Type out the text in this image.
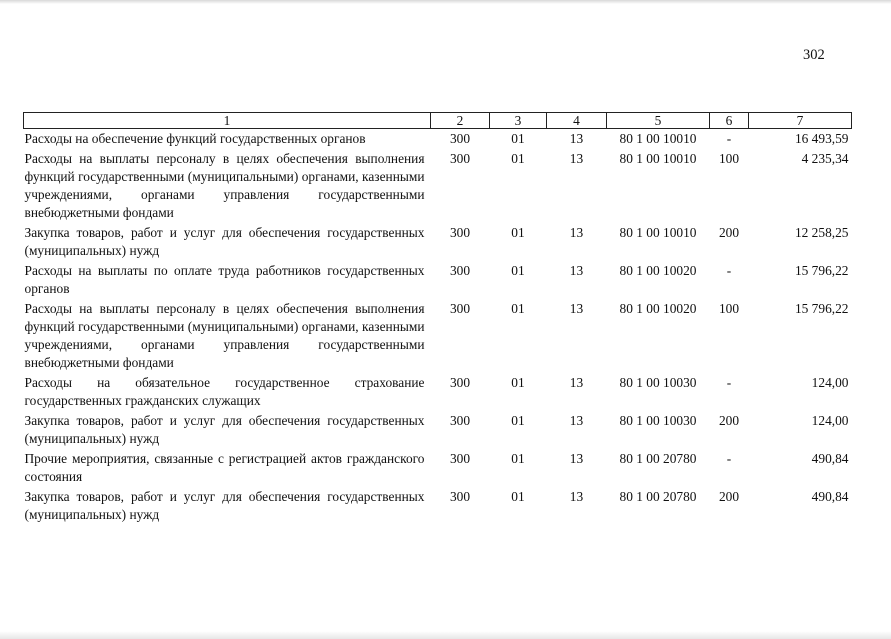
302
1	2	3	4	5	6	7
Расходы на обеспечение функций государственных органов	300	01	13	80 1 00 10010	-	16 493,59
Расходы на выплаты персоналу в целях обеспечения выполнения функций государственными (муниципальными) органами, казенными учреждениями, органами управления государственными внебюджетными фондами	300	01	13	80 1 00 10010	100	4 235,34
Закупка товаров, работ и услуг для обеспечения государственных (муниципальных) нужд	300	01	13	80 1 00 10010	200	12 258,25
Расходы на выплаты по оплате труда работников государственных органов	300	01	13	80 1 00 10020	-	15 796,22
Расходы на выплаты персоналу в целях обеспечения выполнения функций государственными (муниципальными) органами, казенными учреждениями, органами управления государственными внебюджетными фондами	300	01	13	80 1 00 10020	100	15 796,22
Расходы на обязательное государственное страхование государственных гражданских служащих	300	01	13	80 1 00 10030	-	124,00
Закупка товаров, работ и услуг для обеспечения государственных (муниципальных) нужд	300	01	13	80 1 00 10030	200	124,00
Прочие мероприятия, связанные с регистрацией актов гражданского состояния	300	01	13	80 1 00 20780	-	490,84
Закупка товаров, работ и услуг для обеспечения государственных (муниципальных) нужд	300	01	13	80 1 00 20780	200	490,84
